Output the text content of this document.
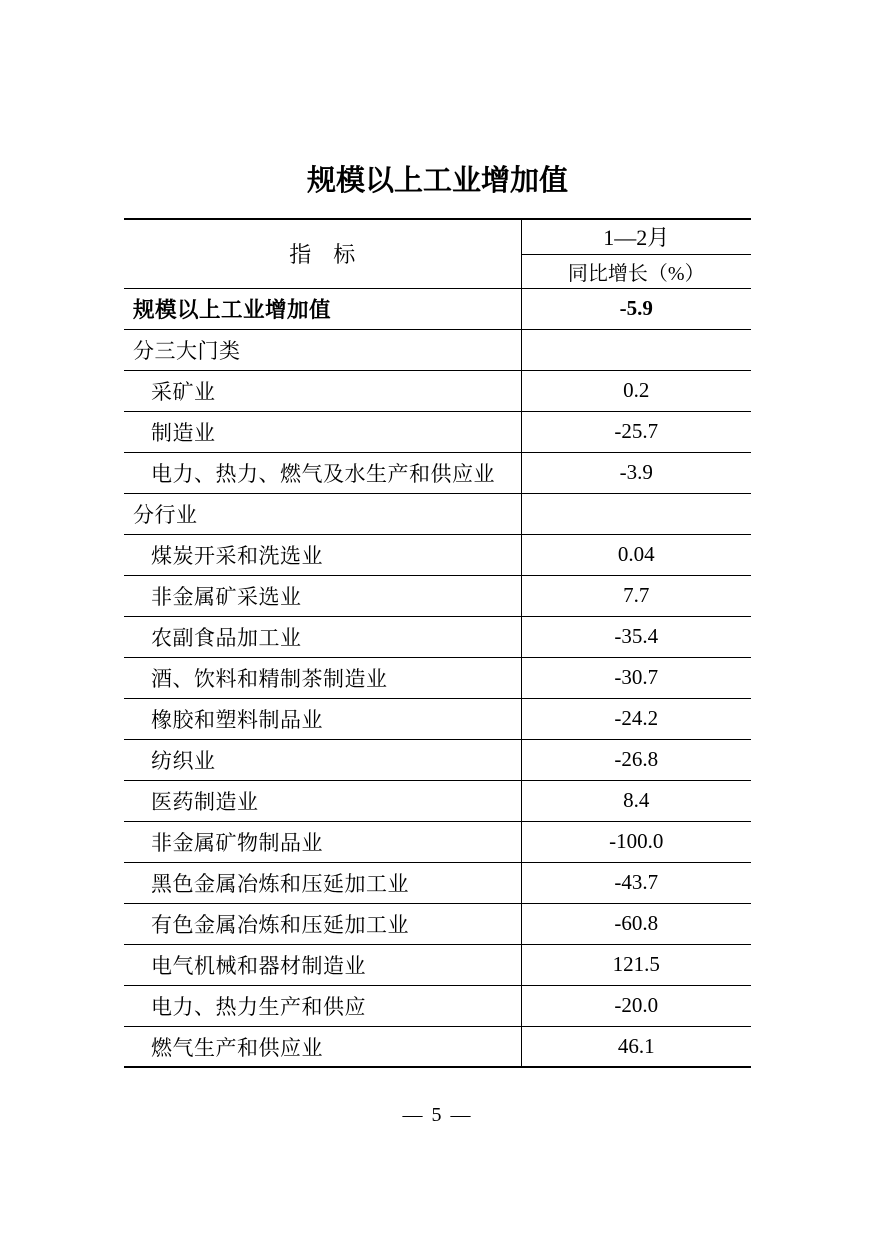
规模以上工业增加值
指　标	1—2月
	同比增长（%）
规模以上工业增加值	-5.9
分三大门类	
采矿业	0.2
制造业	-25.7
电力、热力、燃气及水生产和供应业	-3.9
分行业	
煤炭开采和洗选业	0.04
非金属矿采选业	7.7
农副食品加工业	-35.4
酒、饮料和精制茶制造业	-30.7
橡胶和塑料制品业	-24.2
纺织业	-26.8
医药制造业	8.4
非金属矿物制品业	-100.0
黑色金属冶炼和压延加工业	-43.7
有色金属冶炼和压延加工业	-60.8
电气机械和器材制造业	121.5
电力、热力生产和供应	-20.0
燃气生产和供应业	46.1
— 5 —
